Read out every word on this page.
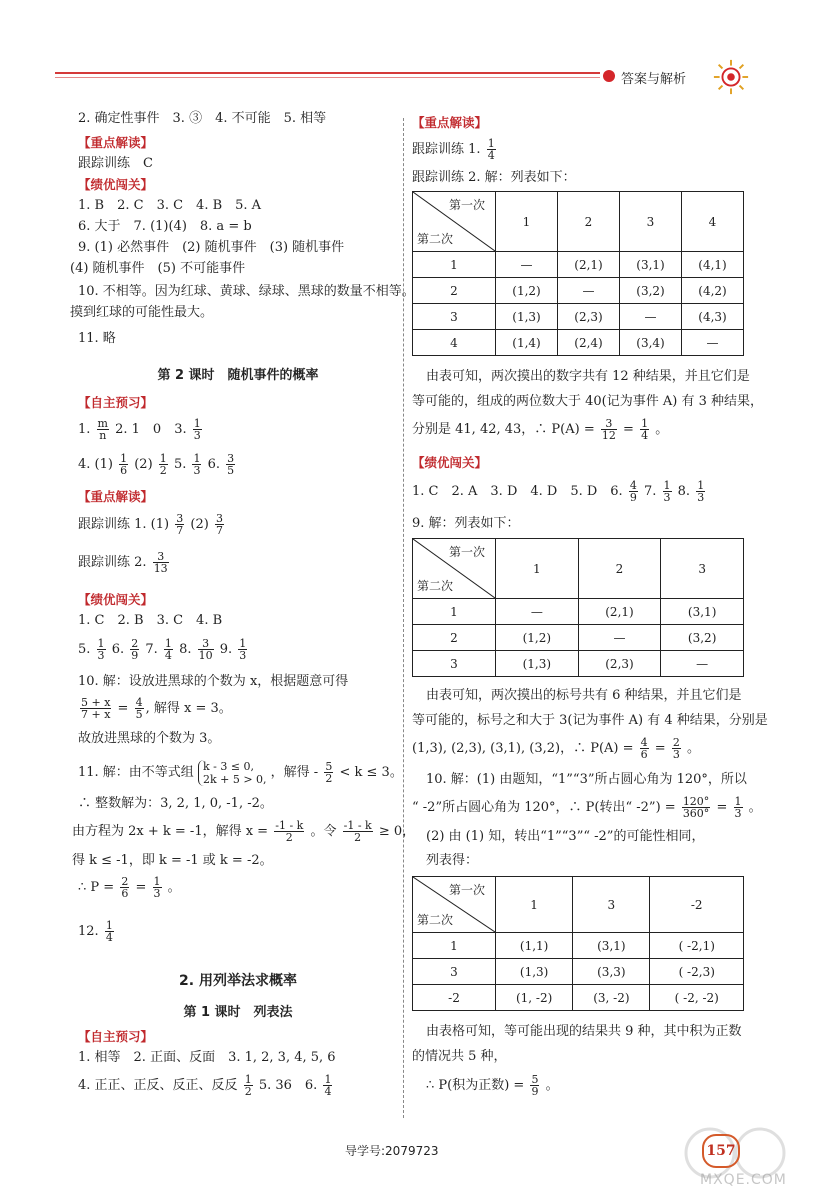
答案与解析
2. 确定性事件　3. ③　4. 不可能　5. 相等
【重点解读】
跟踪训练　C
【绩优闯关】
1. B　2. C　3. C　4. B　5. A
6. 大于　7. (1)(4)　8. a = b
9. (1) 必然事件　(2) 随机事件　(3) 随机事件
(4) 随机事件　(5) 不可能事件
10. 不相等。因为红球、黄球、绿球、黑球的数量不相等。
摸到红球的可能性最大。
11. 略
第 2 课时　随机事件的概率
【自主预习】
1. $\frac{m}{n} 2$. 1　0　3. $\frac{1}{3}$
4. $(1) \frac{1}{6} (2) \frac{1}{2} 5$. $\frac{1}{3} 6$. $\frac{3}{5}$
【重点解读】
跟踪训练 1. $(1) \frac{3}{7} (2) \frac{3}{7}$
跟踪训练 2. $\frac{3}{13}$
【绩优闯关】
1. C　2. B　3. C　4. B
5. $\frac{1}{3} 6$. $\frac{2}{9} 7$. $\frac{1}{4} 8$. $\frac{3}{10} 9$. $\frac{1}{3}$
10. 解：设放进黑球的个数为 x，根据题意可得
$\frac{5 + x}{7 + x} = \frac{4}{5}$ , 解得 x = 3。
故放进黑球的个数为 3。
11. 解：由不等式组 k - 3 ≤ 0,
2k + 5 > 0, ，解得 - $\frac{5}{2} < k \le 3$。
∴ 整数解为：3, 2, 1, 0, -1, -2。
由方程为 2x + k = -1，解得 $x = \frac{-1 - k}{2}$ 。令 $\frac{-1 - k}{2} \ge 0$，
得 k ≤ -1，即 k = -1 或 k = -2。
∴ $P = \frac{2}{6} = \frac{1}{3}$ 。
12. $\frac{1}{4}$
2. 用列举法求概率
第 1 课时　列表法
【自主预习】
1. 相等　2. 正面、反面　3. 1, 2, 3, 4, 5, 6
4. 正正、正反、反正、反反 $\frac{1}{2} 5$. 36　6. $\frac{1}{4}$
【重点解读】
跟踪训练 1. $\frac{1}{4}$
跟踪训练 2. 解：列表如下：
第一次
第二次	1	2	3	4
1	—	(2,1)	(3,1)	(4,1)
2	(1,2)	—	(3,2)	(4,2)
3	(1,3)	(2,3)	—	(4,3)
4	(1,4)	(2,4)	(3,4)	—
由表可知，两次摸出的数字共有 12 种结果，并且它们是
等可能的，组成的两位数大于 40(记为事件 A) 有 3 种结果，
分别是 41, 42, 43，∴ $P(A) = \frac{3}{12} = \frac{1}{4}$ 。
【绩优闯关】
1. C　2. A　3. D　4. D　5. D　6. $\frac{4}{9} 7$. $\frac{1}{3} 8$. $\frac{1}{3}$
9. 解：列表如下：
第一次
第二次	1	2	3
1	—	(2,1)	(3,1)
2	(1,2)	—	(3,2)
3	(1,3)	(2,3)	—
由表可知，两次摸出的标号共有 6 种结果，并且它们是
等可能的，标号之和大于 3(记为事件 A) 有 4 种结果，分别是
(1,3), (2,3), (3,1), (3,2)，∴ $P(A) = \frac{4}{6} = \frac{2}{3}$ 。
10. 解：(1) 由题知，“1”“3”所占圆心角为 120°，所以
“ -2”所占圆心角为 120°，∴ P(转出“ -2”) = $\frac{120^\circ}{360^\circ} = \frac{1}{3}$ 。
(2) 由 (1) 知，转出“1”“3”“ -2”的可能性相同，
列表得：
第一次
第二次	1	3	-2
1	(1,1)	(3,1)	( -2,1)
3	(1,3)	(3,3)	( -2,3)
-2	(1, -2)	(3, -2)	( -2, -2)
由表格可知，等可能出现的结果共 9 种，其中积为正数
的情况共 5 种，
∴ P(积为正数) = $\frac{5}{9}$ 。
导学号:2079723	157
MXQE.COM
